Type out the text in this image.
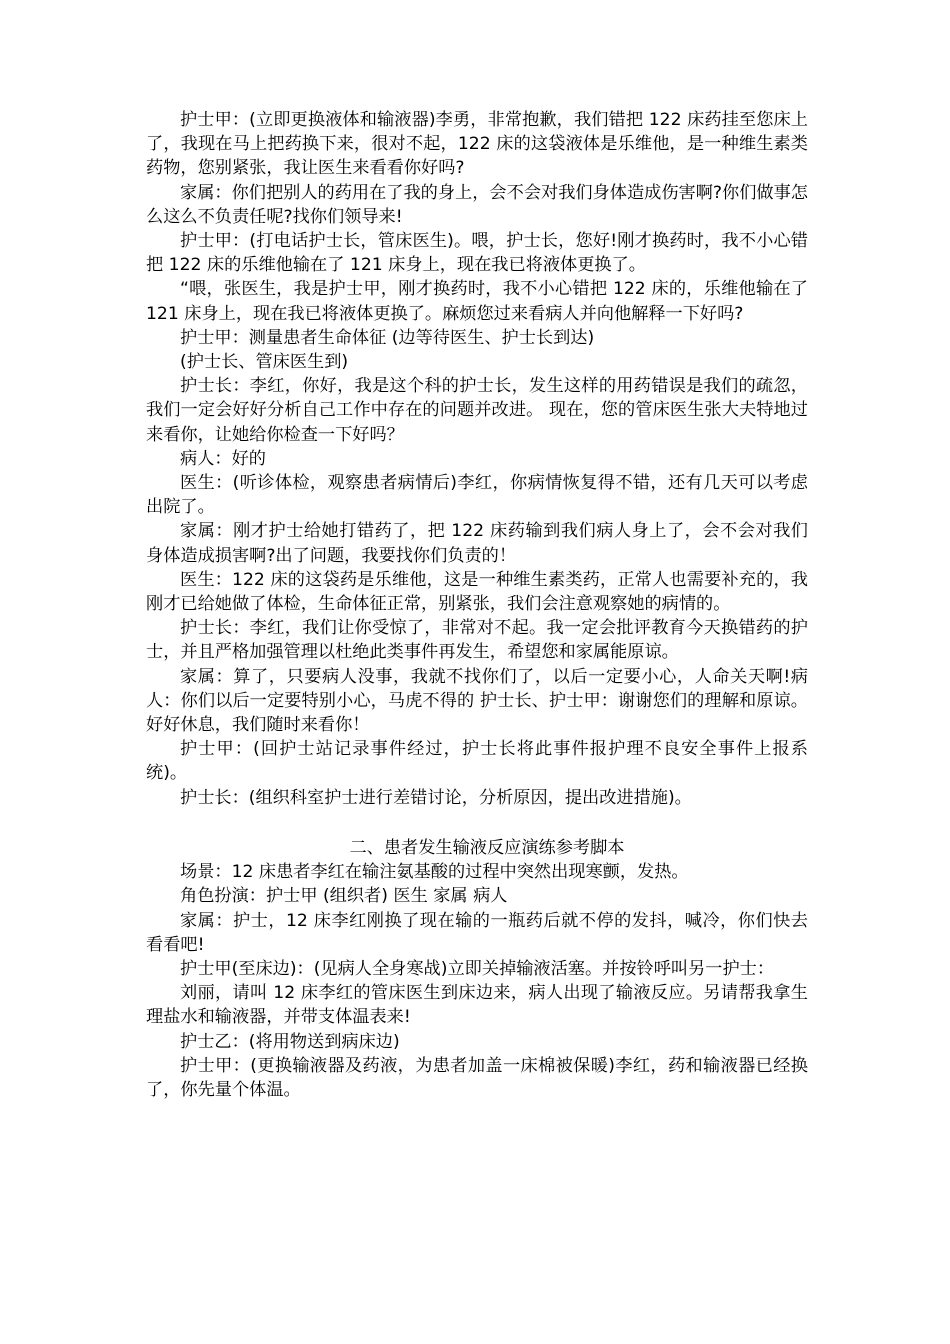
护士甲：(立即更换液体和输液器)李勇，非常抱歉，我们错把 122 床药挂至您床上了，我现在马上把药换下来，很对不起，122 床的这袋液体是乐维他，是一种维生素类药物，您别紧张，我让医生来看看你好吗?

家属：你们把别人的药用在了我的身上，会不会对我们身体造成伤害啊?你们做事怎么这么不负责任呢?找你们领导来!

护士甲：(打电话护士长，管床医生)。喂，护士长，您好!刚才换药时，我不小心错把 122 床的乐维他输在了 121 床身上，现在我已将液体更换了。

“喂，张医生，我是护士甲，刚才换药时，我不小心错把 122 床的，乐维他输在了 121 床身上，现在我已将液体更换了。麻烦您过来看病人并向他解释一下好吗?

护士甲：测量患者生命体征 (边等待医生、护士长到达)

(护士长、管床医生到)

护士长：李红，你好，我是这个科的护士长，发生这样的用药错误是我们的疏忽，我们一定会好好分析自己工作中存在的问题并改进。 现在，您的管床医生张大夫特地过来看你，让她给你检查一下好吗？

病人：好的

医生：(听诊体检，观察患者病情后)李红，你病情恢复得不错，还有几天可以考虑出院了。

家属：刚才护士给她打错药了，把 122 床药输到我们病人身上了，会不会对我们身体造成损害啊?出了问题，我要找你们负责的！

医生：122 床的这袋药是乐维他，这是一种维生素类药，正常人也需要补充的，我刚才已给她做了体检，生命体征正常，别紧张，我们会注意观察她的病情的。

护士长：李红，我们让你受惊了，非常对不起。我一定会批评教育今天换错药的护士，并且严格加强管理以杜绝此类事件再发生，希望您和家属能原谅。

家属：算了，只要病人没事，我就不找你们了，以后一定要小心，人命关天啊!病人：你们以后一定要特别小心，马虎不得的 护士长、护士甲：谢谢您们的理解和原谅。好好休息，我们随时来看你！

护士甲：(回护士站记录事件经过，护士长将此事件报护理不良安全事件上报系统)。

护士长：(组织科室护士进行差错讨论，分析原因，提出改进措施)。

二、患者发生输液反应演练参考脚本

场景：12 床患者李红在输注氨基酸的过程中突然出现寒颤，发热。

角色扮演：护士甲 (组织者) 医生 家属 病人

家属：护士，12 床李红刚换了现在输的一瓶药后就不停的发抖，喊冷，你们快去看看吧!

护士甲(至床边)：(见病人全身寒战)立即关掉输液活塞。并按铃呼叫另一护士：

刘丽，请叫 12 床李红的管床医生到床边来，病人出现了输液反应。另请帮我拿生理盐水和输液器，并带支体温表来!

护士乙：(将用物送到病床边)

护士甲：(更换输液器及药液，为患者加盖一床棉被保暖)李红，药和输液器已经换了，你先量个体温。
